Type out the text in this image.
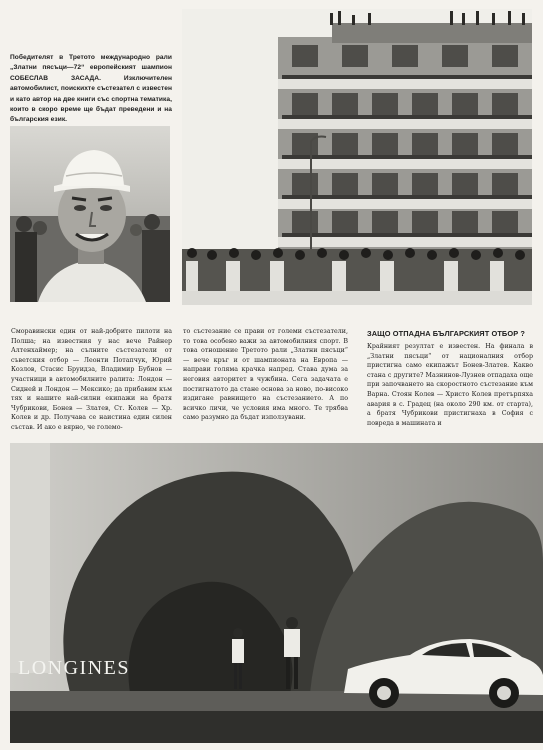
Победителят в Третото международно рали „Златни пясъци—72“ европейският шампион СОБЕСЛАВ ЗАСАДА. Изключителен автомобилист, поискихте състезател с известен и като автор на две книги със спортна тематика, които в скоро време ще бъдат преведени и на българския език.
Сморавински един от най-добрите пилоти на Полша; на известния у нас вече Райнер Алтенхаймер; на сълните състезатели от съветския отбор — Леонти Потапчук, Юрий Козлов, Стасис Бруидза, Владимир Бубнов — участници в автомобилните ралита: Лондон — Сидней и Лондон — Мексико; да прибавим към тях и нашите най-силни екипажи на братя Чубрикови, Бонев — Златев, Ст. Колев — Хр. Колев и др. Получава се наистина един силен състав. И ако е вярно, че големо-
то състезание се прави от големи състезатели, то това особено важи за автомобилния спорт. В това отношение Третото рали „Златни пясъци“ — вече кръг и от шампионата на Европа — направи голяма крачка напред. Става дума за неговия авторитет в чужбина. Сега задачата е постигнатото да стане основа за ново, по-високо издигане равнището на състезанието. А по всичко личи, че условия има много. Те трябва само разумно да бъдат използувани.
ЗАЩО ОТПАДНА БЪЛГАРСКИЯТ ОТБОР ?
Крайният резултат е известен. На финала в „Златни пясъци“ от националния отбор пристигна само екипажът Бонев-Златев. Какво стана с другите? Мазнинов-Лузнев отпадаха още при започването на скоростното състезание към Варна. Стоян Колев — Христо Колев претърпяха авария в с. Градец (на около 290 км. от старта), а братя Чубрикови пристигнаха в София с повреда в машината и
LONGINES
